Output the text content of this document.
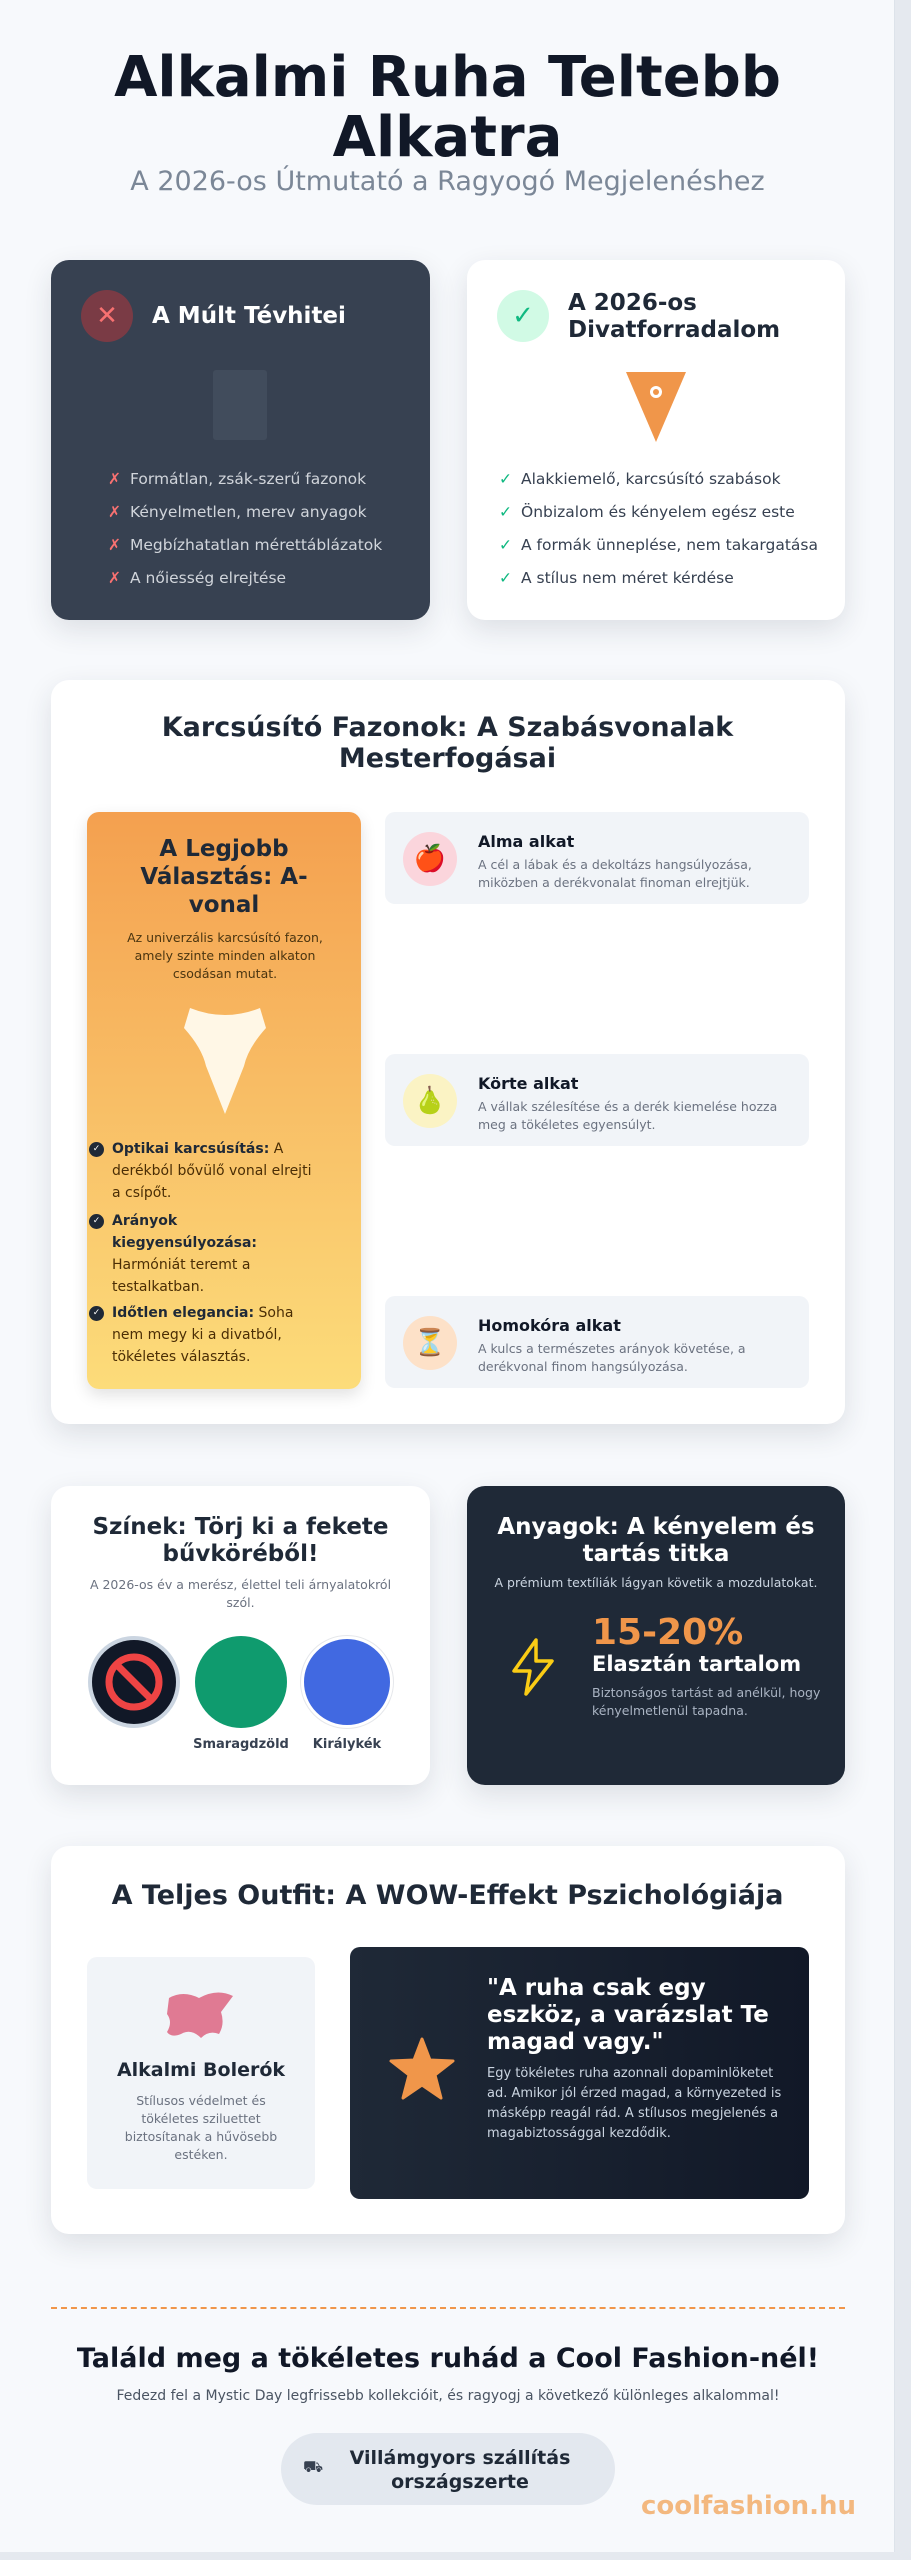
Alkalmi Ruha Teltebb Alkatra
A 2026-os Útmutató a Ragyogó Megjelenéshez
✕	A Múlt Tévhitei
✗ Formátlan, zsák-szerű fazonok
✗ Kényelmetlen, merev anyagok
✗ Megbízhatatlan mérettáblázatok
✗ A nőiesség elrejtése
✓	A 2026-os Divatforradalom
✓ Alakkiemelő, karcsúsító szabások
✓ Önbizalom és kényelem egész este
✓ A formák ünneplése, nem takargatása
✓ A stílus nem méret kérdése
Karcsúsító Fazonok: A Szabásvonalak Mesterfogásai
A Legjobb Választás: A-vonal
Az univerzális karcsúsító fazon, amely szinte minden alkaton csodásan mutat.
✓ Optikai karcsúsítás: A derékból bővülő vonal elrejti a csípőt.
✓ Arányok kiegyensúlyozása: Harmóniát teremt a testalkatban.
✓ Időtlen elegancia: Soha nem megy ki a divatból, tökéletes választás.
🍎
Alma alkat
A cél a lábak és a dekoltázs hangsúlyozása, miközben a derékvonalat finoman elrejtjük.
🍐
Körte alkat
A vállak szélesítése és a derék kiemelése hozza meg a tökéletes egyensúlyt.
⏳
Homokóra alkat
A kulcs a természetes arányok követése, a derékvonal finom hangsúlyozása.
Színek: Törj ki a fekete bűvköréből!
A 2026-os év a merész, élettel teli árnyalatokról szól.
Smaragdzöld	Királykék
Anyagok: A kényelem és tartás titka
A prémium textíliák lágyan követik a mozdulatokat.
15-20%
Elasztán tartalom
Biztonságos tartást ad anélkül, hogy kényelmetlenül tapadna.
A Teljes Outfit: A WOW-Effekt Pszichológiája
Alkalmi Bolerók
Stílusos védelmet és tökéletes sziluettet biztosítanak a hűvösebb estéken.
"A ruha csak egy eszköz, a varázslat Te magad vagy."
Egy tökéletes ruha azonnali dopaminlöketet ad. Amikor jól érzed magad, a környezeted is másképp reagál rád. A stílusos megjelenés a magabiztossággal kezdődik.
Találd meg a tökéletes ruhád a Cool Fashion-nél!
Fedezd fel a Mystic Day legfrissebb kollekcióit, és ragyogj a következő különleges alkalommal!
⛟	Villámgyors szállítás országszerte
coolfashion.hu
